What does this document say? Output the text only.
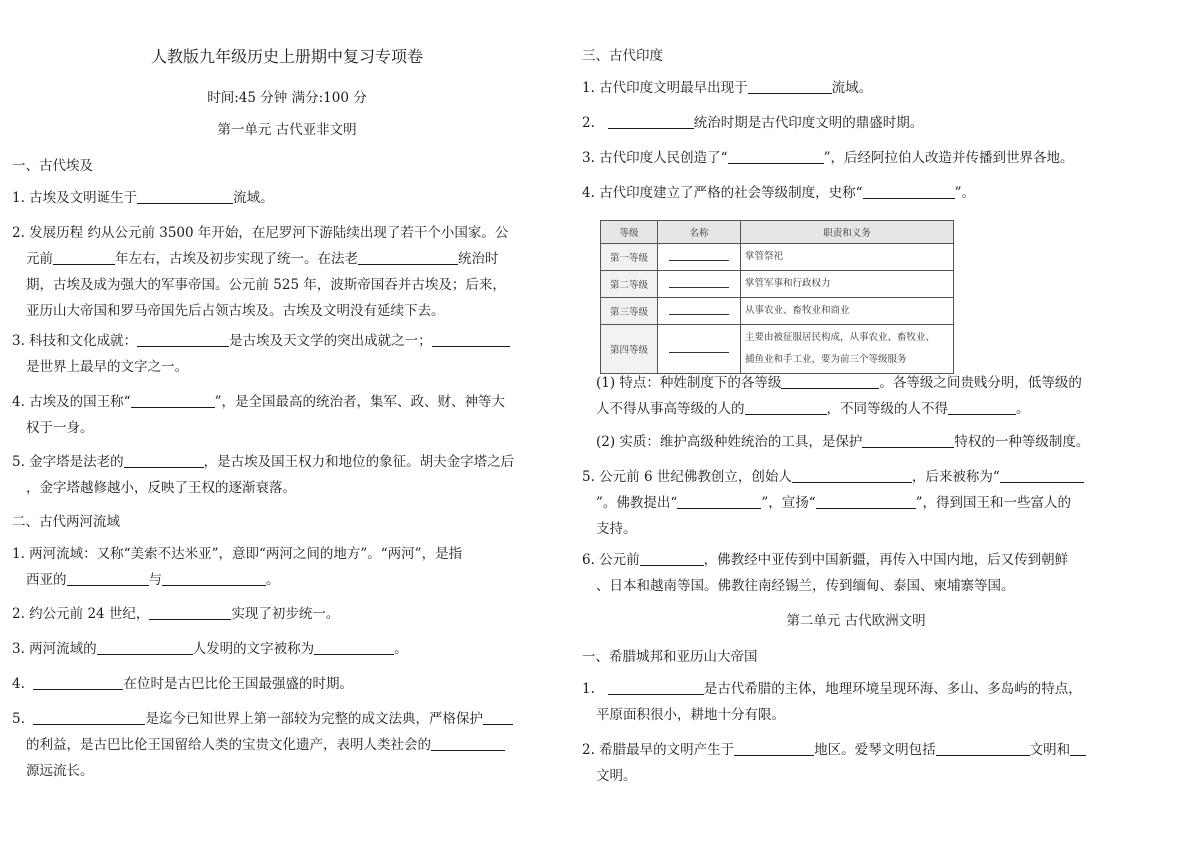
人教版九年级历史上册期中复习专项卷
时间:45 分钟 满分:100 分
第一单元 古代亚非文明
一、古代埃及
1. 古埃及文明诞生于	流域。
2. 发展历程 约从公元前 3500 年开始，在尼罗河下游陆续出现了若干个小国家。公
元前	年左右，古埃及初步实现了统一。在法老	统治时
期，古埃及成为强大的军事帝国。公元前 525 年，波斯帝国吞并古埃及；后来，
亚历山大帝国和罗马帝国先后占领古埃及。古埃及文明没有延续下去。
3. 科技和文化成就：	是古埃及天文学的突出成就之一；
是世界上最早的文字之一。
4. 古埃及的国王称“	”，是全国最高的统治者，集军、政、财、神等大
权于一身。
5. 金字塔是法老的	，是古埃及国王权力和地位的象征。胡夫金字塔之后
，金字塔越修越小，反映了王权的逐渐衰落。
二、古代两河流域
1. 两河流域：又称“美索不达米亚”，意即“两河之间的地方”。“两河”，是指
西亚的	与	。
2. 约公元前 24 世纪，	实现了初步统一。
3. 两河流域的	人发明的文字被称为	。
4.	在位时是古巴比伦王国最强盛的时期。
5.	是迄今已知世界上第一部较为完整的成文法典，严格保护
的利益，是古巴比伦王国留给人类的宝贵文化遗产，表明人类社会的
源远流长。
三、古代印度
1. 古代印度文明最早出现于	流域。
2.	统治时期是古代印度文明的鼎盛时期。
3. 古代印度人民创造了“	”，后经阿拉伯人改造并传播到世界各地。
4. 古代印度建立了严格的社会等级制度，史称“	”。
等级	名称	职责和义务
第一等级		掌管祭祀
第二等级		掌管军事和行政权力
第三等级		从事农业、畜牧业和商业
第四等级		主要由被征服居民构成，从事农业、畜牧业、
捕鱼业和手工业，要为前三个等级服务
(1) 特点：种姓制度下的各等级	。各等级之间贵贱分明，低等级的
人不得从事高等级的人的	，不同等级的人不得	。
(2) 实质：维护高级种姓统治的工具，是保护	特权的一种等级制度。
5. 公元前 6 世纪佛教创立，创始人	，后来被称为“
”。佛教提出“	”，宣扬“	”，得到国王和一些富人的
支持。
6. 公元前	，佛教经中亚传到中国新疆，再传入中国内地，后又传到朝鲜
、日本和越南等国。佛教往南经锡兰，传到缅甸、泰国、柬埔寨等国。
第二单元 古代欧洲文明
一、希腊城邦和亚历山大帝国
1.	是古代希腊的主体，地理环境呈现环海、多山、多岛屿的特点，
平原面积很小，耕地十分有限。
2. 希腊最早的文明产生于	地区。爱琴文明包括	文明和
文明。
